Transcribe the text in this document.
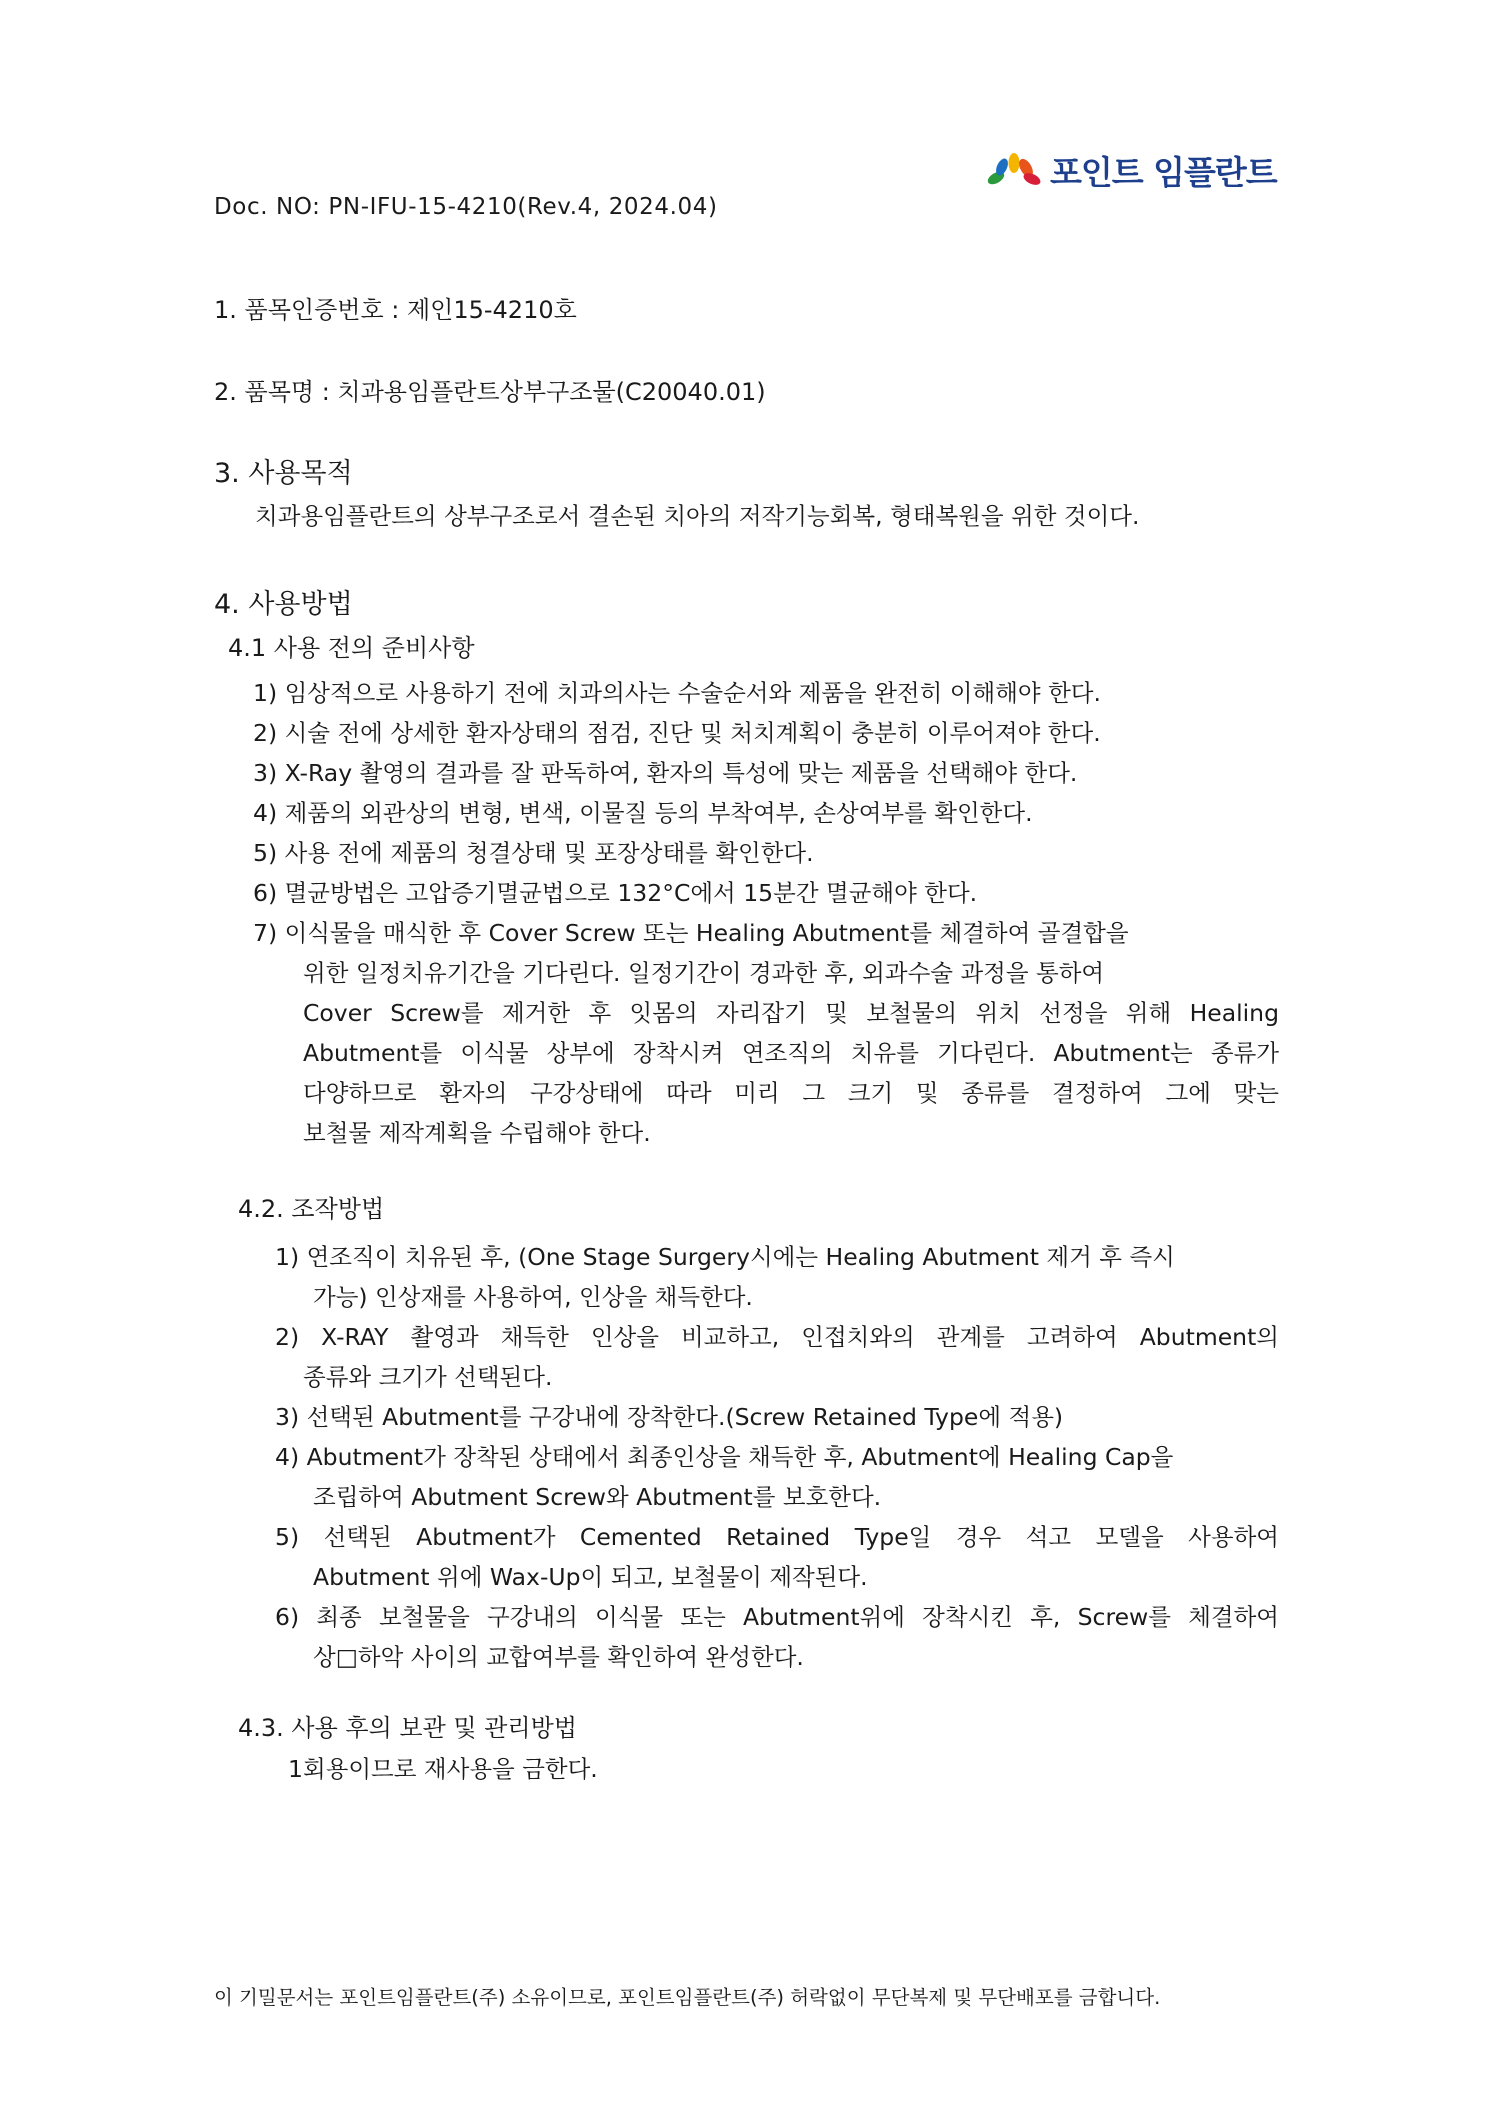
포인트 임플란트
Doc. NO: PN-IFU-15-4210(Rev.4, 2024.04)
1. 품목인증번호 : 제인15-4210호
2. 품목명 : 치과용임플란트상부구조물(C20040.01)
3. 사용목적
치과용임플란트의 상부구조로서 결손된 치아의 저작기능회복, 형태복원을 위한 것이다.
4. 사용방법
4.1 사용 전의 준비사항
1) 임상적으로 사용하기 전에 치과의사는 수술순서와 제품을 완전히 이해해야 한다.
2) 시술 전에 상세한 환자상태의 점검, 진단 및 처치계획이 충분히 이루어져야 한다.
3) X-Ray 촬영의 결과를 잘 판독하여, 환자의 특성에 맞는 제품을 선택해야 한다.
4) 제품의 외관상의 변형, 변색, 이물질 등의 부착여부, 손상여부를 확인한다.
5) 사용 전에 제품의 청결상태 및 포장상태를 확인한다.
6) 멸균방법은 고압증기멸균법으로 132°C에서 15분간 멸균해야 한다.
7) 이식물을 매식한 후 Cover Screw 또는 Healing Abutment를 체결하여 골결합을
위한 일정치유기간을 기다린다. 일정기간이 경과한 후, 외과수술 과정을 통하여
Cover Screw를 제거한 후 잇몸의 자리잡기 및 보철물의 위치 선정을 위해 Healing
Abutment를 이식물 상부에 장착시켜 연조직의 치유를 기다린다. Abutment는 종류가
다양하므로 환자의 구강상태에 따라 미리 그 크기 및 종류를 결정하여 그에 맞는
보철물 제작계획을 수립해야 한다.
4.2. 조작방법
1) 연조직이 치유된 후, (One Stage Surgery시에는 Healing Abutment 제거 후 즉시
가능) 인상재를 사용하여, 인상을 채득한다.
2) X-RAY 촬영과 채득한 인상을 비교하고, 인접치와의 관계를 고려하여 Abutment의
종류와 크기가 선택된다.
3) 선택된 Abutment를 구강내에 장착한다.(Screw Retained Type에 적용)
4) Abutment가 장착된 상태에서 최종인상을 채득한 후, Abutment에 Healing Cap을
조립하여 Abutment Screw와 Abutment를 보호한다.
5) 선택된 Abutment가 Cemented Retained Type일 경우 석고 모델을 사용하여
Abutment 위에 Wax-Up이 되고, 보철물이 제작된다.
6) 최종 보철물을 구강내의 이식물 또는 Abutment위에 장착시킨 후, Screw를 체결하여
상□하악 사이의 교합여부를 확인하여 완성한다.
4.3. 사용 후의 보관 및 관리방법
1회용이므로 재사용을 금한다.
이 기밀문서는 포인트임플란트(주) 소유이므로, 포인트임플란트(주) 허락없이 무단복제 및 무단배포를 금합니다.
